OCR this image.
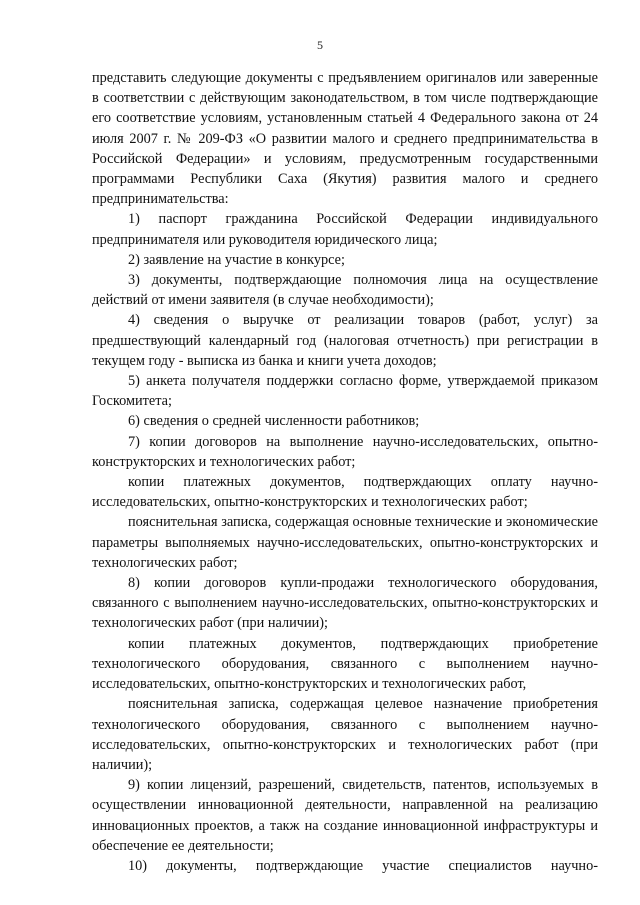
5

представить следующие документы с предъявлением оригиналов или заверенные в соответствии с действующим законодательством, в том числе подтверждающие его соответствие условиям, установленным статьей 4 Федерального закона от 24 июля 2007 г. № 209-ФЗ «О развитии малого и среднего предпринимательства в Российской Федерации» и условиям, предусмотренным государственными программами Республики Саха (Якутия) развития малого и среднего предпринимательства:

1) паспорт гражданина Российской Федерации индивидуального предпринимателя или руководителя юридического лица;

2) заявление на участие в конкурсе;

3) документы, подтверждающие полномочия лица на осуществление действий от имени заявителя (в случае необходимости);

4) сведения о выручке от реализации товаров (работ, услуг) за предшествующий календарный год (налоговая отчетность) при регистрации в текущем году - выписка из банка и книги учета доходов;

5) анкета получателя поддержки согласно форме, утверждаемой приказом Госкомитета;

6) сведения о средней численности работников;

7) копии договоров на выполнение научно-исследовательских, опытно-конструкторских и технологических работ;

копии платежных документов, подтверждающих оплату научно-исследовательских, опытно-конструкторских и технологических работ;

пояснительная записка, содержащая основные технические и экономические параметры выполняемых научно-исследовательских, опытно-конструкторских и технологических работ;

8) копии договоров купли-продажи технологического оборудования, связанного с выполнением научно-исследовательских, опытно-конструкторских и технологических работ (при наличии);

копии платежных документов, подтверждающих приобретение технологического оборудования, связанного с выполнением научно-исследовательских, опытно-конструкторских и технологических работ,

пояснительная записка, содержащая целевое назначение приобретения технологического оборудования, связанного с выполнением научно-исследовательских, опытно-конструкторских и технологических работ (при наличии);

9) копии лицензий, разрешений, свидетельств, патентов, используемых в осуществлении инновационной деятельности, направленной на реализацию инновационных проектов, а такж на создание инновационной инфраструктуры и обеспечение ее деятельности;

10) документы, подтверждающие участие специалистов научно-
